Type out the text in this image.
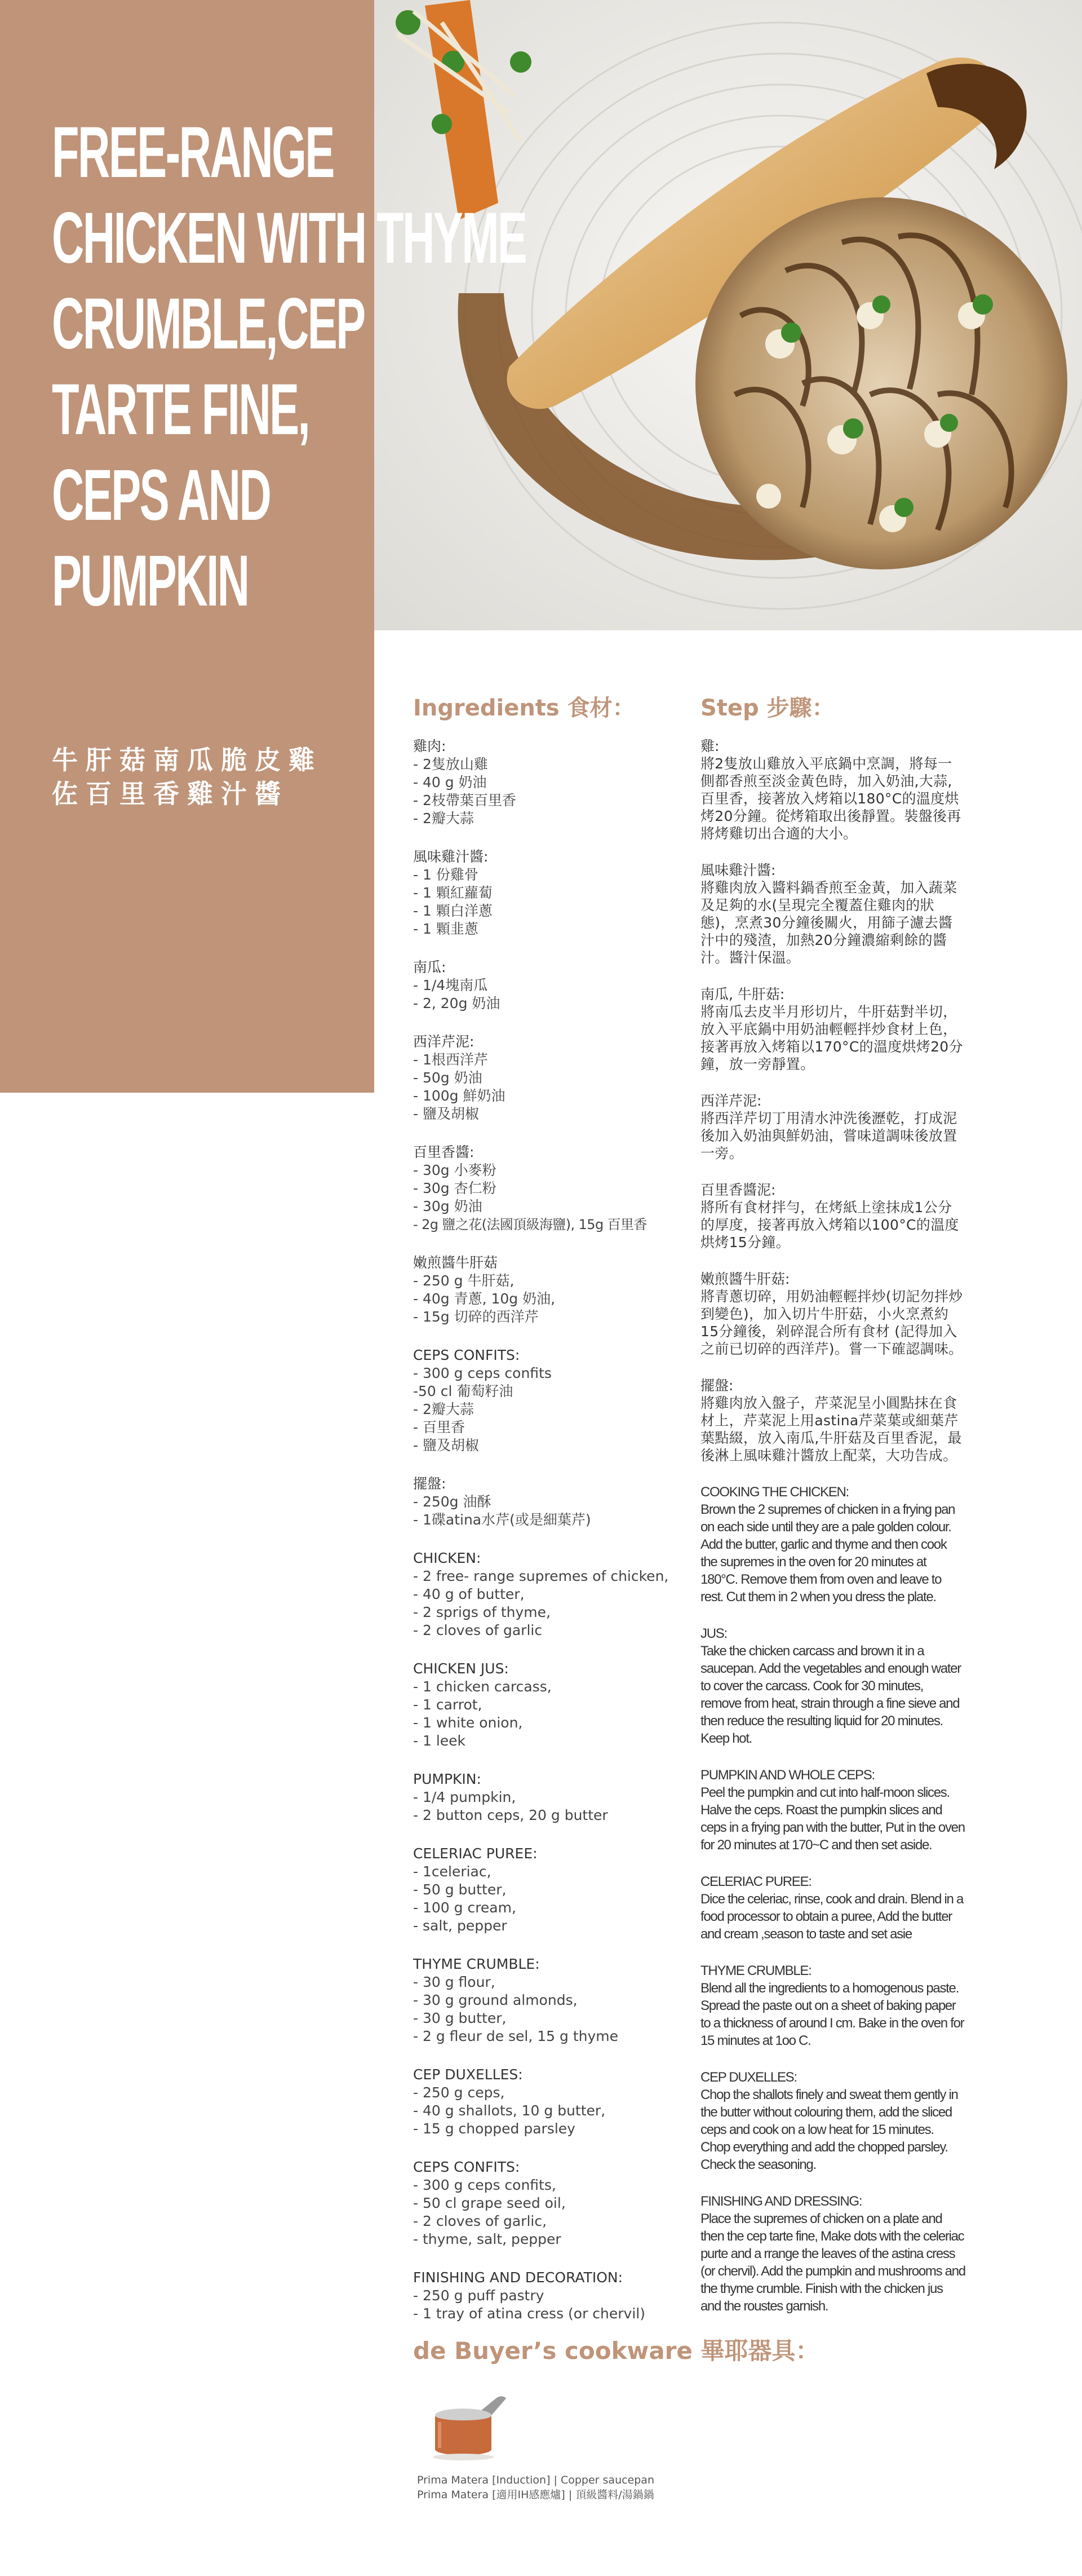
FREE-RANGE
CHICKEN WITH THYME
CRUMBLE,CEP
TARTE FINE,
CEPS AND
PUMPKIN
牛肝菇南瓜脆皮雞
佐百里香雞汁醬
Ingredients 食材：
雞肉:
- 2隻放山雞
- 40 g 奶油
- 2枝帶葉百里香
- 2瓣大蒜
風味雞汁醬:
- 1 份雞骨
- 1 顆紅蘿蔔
- 1 顆白洋蔥
- 1 顆韭蔥
南瓜:
- 1/4塊南瓜
- 2, 20g 奶油
西洋芹泥:
- 1根西洋芹
- 50g 奶油
- 100g 鮮奶油
- 鹽及胡椒
百里香醬:
- 30g 小麥粉
- 30g 杏仁粉
- 30g 奶油
- 2g 鹽之花(法國頂級海鹽), 15g 百里香
嫩煎醬牛肝菇
- 250 g 牛肝菇,
- 40g 青蔥, 10g 奶油,
- 15g 切碎的西洋芹
CEPS CONFITS:
- 300 g ceps confits
-50 cl 葡萄籽油
- 2瓣大蒜
- 百里香
- 鹽及胡椒
擺盤:
- 250g 油酥
- 1碟atina水芹(或是細葉芹)
CHICKEN:
- 2 free- range supremes of chicken,
- 40 g of butter,
- 2 sprigs of thyme,
- 2 cloves of garlic
CHICKEN JUS:
- 1 chicken carcass,
- 1 carrot,
- 1 white onion,
- 1 leek
PUMPKIN:
- 1/4 pumpkin,
- 2 button ceps, 20 g butter
CELERIAC PUREE:
- 1celeriac,
- 50 g butter,
- 100 g cream,
- salt, pepper
THYME CRUMBLE:
- 30 g flour,
- 30 g ground almonds,
- 30 g butter,
- 2 g fleur de sel, 15 g thyme
CEP DUXELLES:
- 250 g ceps,
- 40 g shallots, 10 g butter,
- 15 g chopped parsley
CEPS CONFITS:
- 300 g ceps confits,
- 50 cl grape seed oil,
- 2 cloves of garlic,
- thyme, salt, pepper
FINISHING AND DECORATION:
- 250 g puff pastry
- 1 tray of atina cress (or chervil)
Step 步驟：
雞:
將2隻放山雞放入平底鍋中烹調，將每一側都香煎至淡金黃色時，加入奶油,大蒜,百里香，接著放入烤箱以180°C的溫度烘烤20分鐘。從烤箱取出後靜置。裝盤後再將烤雞切出合適的大小。
風味雞汁醬:
將雞肉放入醬料鍋香煎至金黃，加入蔬菜及足夠的水(呈現完全覆蓋住雞肉的狀態)，烹煮30分鐘後關火，用篩子濾去醬汁中的殘渣，加熱20分鐘濃縮剩餘的醬汁。醬汁保溫。
南瓜, 牛肝菇:
將南瓜去皮半月形切片，牛肝菇對半切，放入平底鍋中用奶油輕輕拌炒食材上色，接著再放入烤箱以170°C的溫度烘烤20分鐘，放一旁靜置。
西洋芹泥:
將西洋芹切丁用清水沖洗後瀝乾，打成泥後加入奶油與鮮奶油，嘗味道調味後放置一旁。
百里香醬泥:
將所有食材拌勻，在烤紙上塗抹成1公分的厚度，接著再放入烤箱以100°C的溫度烘烤15分鐘。
嫩煎醬牛肝菇:
將青蔥切碎，用奶油輕輕拌炒(切記勿拌炒到變色)，加入切片牛肝菇，小火烹煮約15分鐘後，剁碎混合所有食材 (記得加入之前已切碎的西洋芹)。嘗一下確認調味。
擺盤:
將雞肉放入盤子，芹菜泥呈小圓點抹在食材上，芹菜泥上用astina芹菜葉或細葉芹葉點綴，放入南瓜,牛肝菇及百里香泥，最後淋上風味雞汁醬放上配菜，大功告成。
COOKING THE CHICKEN:
Brown the 2 supremes of chicken in a frying pan on each side until they are a pale golden colour. Add the butter, garlic and thyme and then cook the supremes in the oven for 20 minutes at 180°C. Remove them from oven and leave to rest. Cut them in 2 when you dress the plate.
JUS:
Take the chicken carcass and brown it in a saucepan. Add the vegetables and enough water to cover the carcass. Cook for 30 minutes, remove from heat, strain through a fine sieve and then reduce the resulting liquid for 20 minutes. Keep hot.
PUMPKIN AND WHOLE CEPS:
Peel the pumpkin and cut into half-moon slices. Halve the ceps. Roast the pumpkin slices and ceps in a frying pan with the butter, Put in the oven for 20 minutes at 170~C and then set aside.
CELERIAC PUREE:
Dice the celeriac, rinse, cook and drain. Blend in a food processor to obtain a puree, Add the butter and cream ,season to taste and set asie
THYME CRUMBLE:
Blend all the ingredients to a homogenous paste. Spread the paste out on a sheet of baking paper to a thickness of around I cm. Bake in the oven for 15 minutes at 1oo C.
CEP DUXELLES:
Chop the shallots finely and sweat them gently in the butter without colouring them, add the sliced ceps and cook on a low heat for 15 minutes. Chop everything and add the chopped parsley. Check the seasoning.
FINISHING AND DRESSING:
Place the supremes of chicken on a plate and then the cep tarte fine, Make dots with the celeriac purte and a rrange the leaves of the astina cress (or chervil). Add the pumpkin and mushrooms and the thyme crumble. Finish with the chicken jus and the roustes garnish.
de Buyer’s cookware 畢耶器具：
Prima Matera [Induction] | Copper saucepan
Prima Matera [適用IH感應爐] | 頂級醬料/湯鍋鍋
